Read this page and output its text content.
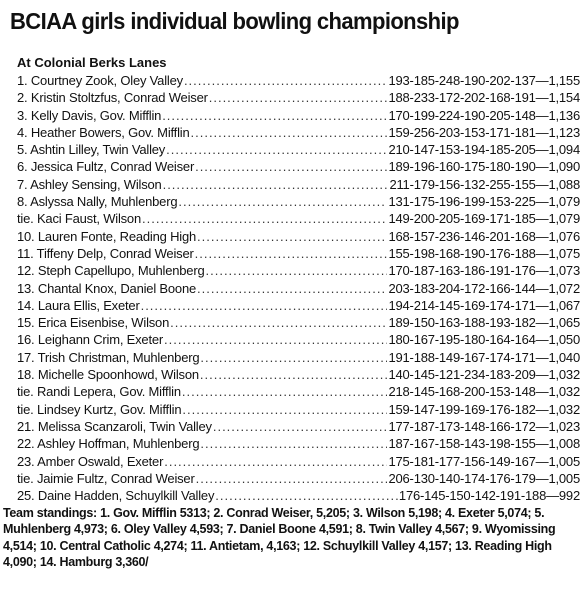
BCIAA girls individual bowling championship
At Colonial Berks Lanes
1. Courtney Zook, Oley Valley .....	193-185-248-190-202-137—1,155
2. Kristin Stoltzfus, Conrad Weiser .....	188-233-172-202-168-191—1,154
3. Kelly Davis, Gov. Mifflin .....	170-199-224-190-205-148—1,136
4. Heather Bowers, Gov. Mifflin .....	159-256-203-153-171-181—1,123
5. Ashtin Lilley, Twin Valley .....	210-147-153-194-185-205—1,094
6. Jessica Fultz, Conrad Weiser .....	189-196-160-175-180-190—1,090
7. Ashley Sensing, Wilson .....	211-179-156-132-255-155—1,088
8. Aslyssa Nally, Muhlenberg .....	131-175-196-199-153-225—1,079
tie. Kaci Faust, Wilson .....	149-200-205-169-171-185—1,079
10. Lauren Fonte, Reading High .....	168-157-236-146-201-168—1,076
11. Tiffeny Delp, Conrad Weiser .....	155-198-168-190-176-188—1,075
12. Steph Capellupo, Muhlenberg .....	170-187-163-186-191-176—1,073
13. Chantal Knox, Daniel Boone .....	203-183-204-172-166-144—1,072
14. Laura Ellis, Exeter .....	194-214-145-169-174-171—1,067
15. Erica Eisenbise, Wilson .....	189-150-163-188-193-182—1,065
16. Leighann Crim, Exeter .....	180-167-195-180-164-164—1,050
17. Trish Christman, Muhlenberg .....	191-188-149-167-174-171—1,040
18. Michelle Spoonhowd, Wilson .....	140-145-121-234-183-209—1,032
tie. Randi Lepera, Gov. Mifflin .....	218-145-168-200-153-148—1,032
tie. Lindsey Kurtz, Gov. Mifflin .....	159-147-199-169-176-182—1,032
21. Melissa Scanzaroli, Twin Valley .....	177-187-173-148-166-172—1,023
22. Ashley Hoffman, Muhlenberg .....	187-167-158-143-198-155—1,008
23. Amber Oswald, Exeter .....	175-181-177-156-149-167—1,005
tie. Jaimie Fultz, Conrad Weiser .....	206-130-140-174-176-179—1,005
25. Daine Hadden, Schuylkill Valley .....	176-145-150-142-191-188—992
Team standings: 1. Gov. Mifflin 5313; 2. Conrad Weiser, 5,205; 3. Wilson 5,198; 4. Exeter 5,074; 5. Muhlenberg 4,973; 6. Oley Valley 4,593; 7. Daniel Boone 4,591; 8. Twin Valley 4,567; 9. Wyomissing 4,514; 10. Central Catholic 4,274; 11. Antietam, 4,163; 12. Schuylkill Valley 4,157; 13. Reading High 4,090; 14. Hamburg 3,360/
